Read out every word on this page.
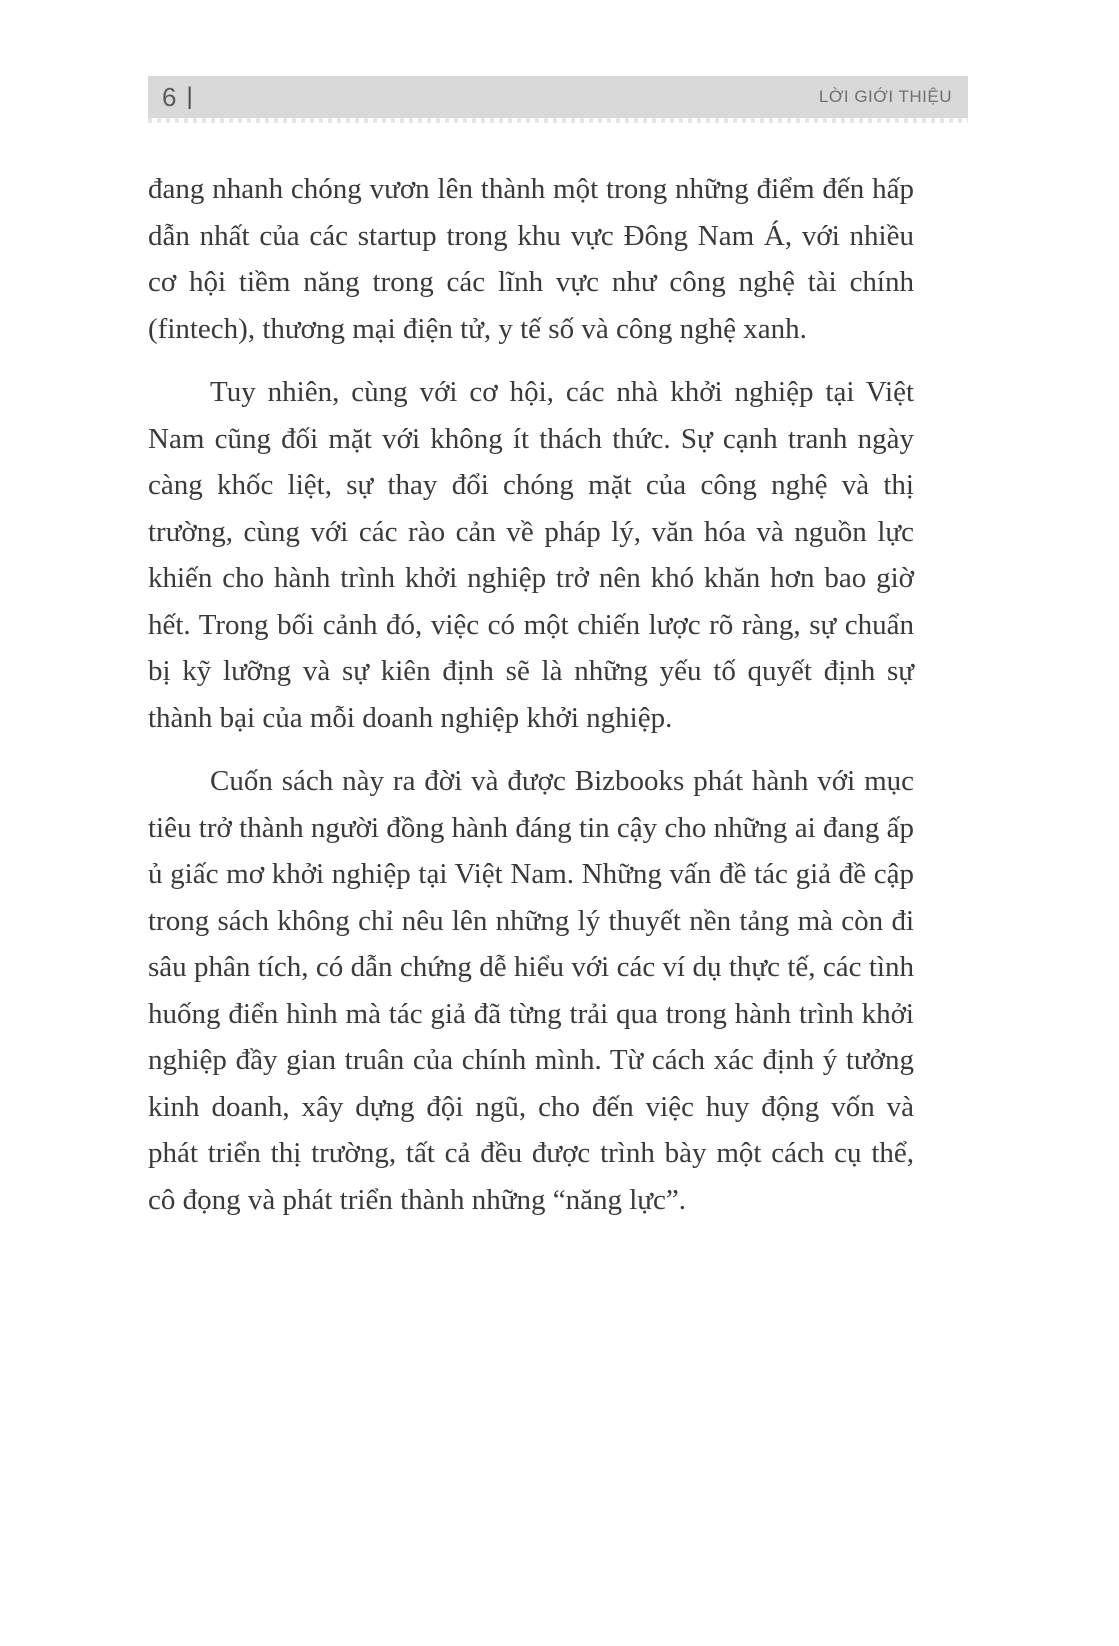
6 |	LỜI GIỚI THIỆU

đang nhanh chóng vươn lên thành một trong những điểm đến hấp dẫn nhất của các startup trong khu vực Đông Nam Á, với nhiều cơ hội tiềm năng trong các lĩnh vực như công nghệ tài chính (fintech), thương mại điện tử, y tế số và công nghệ xanh.

Tuy nhiên, cùng với cơ hội, các nhà khởi nghiệp tại Việt Nam cũng đối mặt với không ít thách thức. Sự cạnh tranh ngày càng khốc liệt, sự thay đổi chóng mặt của công nghệ và thị trường, cùng với các rào cản về pháp lý, văn hóa và nguồn lực khiến cho hành trình khởi nghiệp trở nên khó khăn hơn bao giờ hết. Trong bối cảnh đó, việc có một chiến lược rõ ràng, sự chuẩn bị kỹ lưỡng và sự kiên định sẽ là những yếu tố quyết định sự thành bại của mỗi doanh nghiệp khởi nghiệp.

Cuốn sách này ra đời và được Bizbooks phát hành với mục tiêu trở thành người đồng hành đáng tin cậy cho những ai đang ấp ủ giấc mơ khởi nghiệp tại Việt Nam. Những vấn đề tác giả đề cập trong sách không chỉ nêu lên những lý thuyết nền tảng mà còn đi sâu phân tích, có dẫn chứng dễ hiểu với các ví dụ thực tế, các tình huống điển hình mà tác giả đã từng trải qua trong hành trình khởi nghiệp đầy gian truân của chính mình. Từ cách xác định ý tưởng kinh doanh, xây dựng đội ngũ, cho đến việc huy động vốn và phát triển thị trường, tất cả đều được trình bày một cách cụ thể, cô đọng và phát triển thành những “năng lực”.
